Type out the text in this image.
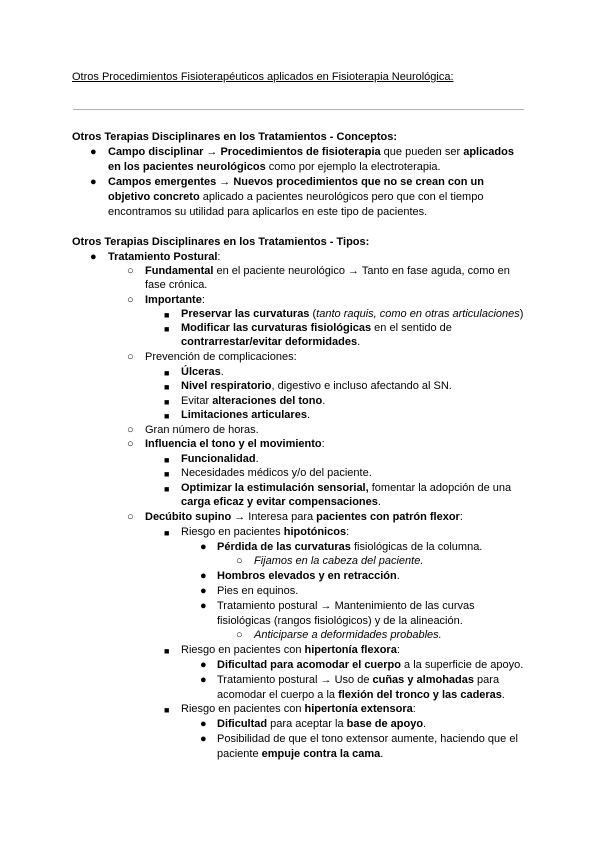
Otros Procedimientos Fisioterapéuticos aplicados en Fisioterapia Neurológica:
Otros Terapias Disciplinares en los Tratamientos - Conceptos:
● Campo disciplinar → Procedimientos de fisioterapia que pueden ser aplicados
en los pacientes neurológicos como por ejemplo la electroterapia.
● Campos emergentes → Nuevos procedimientos que no se crean con un
objetivo concreto aplicado a pacientes neurológicos pero que con el tiempo
encontramos su utilidad para aplicarlos en este tipo de pacientes.
Otros Terapias Disciplinares en los Tratamientos - Tipos:
● Tratamiento Postural:
○ Fundamental en el paciente neurológico → Tanto en fase aguda, como en
fase crónica.
○ Importante:
■ Preservar las curvaturas (tanto raquis, como en otras articulaciones)
■ Modificar las curvaturas fisiológicas en el sentido de
contrarrestar/evitar deformidades.
○ Prevención de complicaciones:
■ Úlceras.
■ Nivel respiratorio, digestivo e incluso afectando al SN.
■ Evitar alteraciones del tono.
■ Limitaciones articulares.
○ Gran número de horas.
○ Influencia el tono y el movimiento:
■ Funcionalidad.
■ Necesidades médicos y/o del paciente.
■ Optimizar la estimulación sensorial, fomentar la adopción de una
carga eficaz y evitar compensaciones.
○ Decúbito supino → Interesa para pacientes con patrón flexor:
■ Riesgo en pacientes hipotónicos:
● Pérdida de las curvaturas fisiológicas de la columna.
○ Fijamos en la cabeza del paciente.
● Hombros elevados y en retracción.
● Pies en equinos.
● Tratamiento postural → Mantenimiento de las curvas
fisiológicas (rangos fisiológicos) y de la alineación.
○ Anticiparse a deformidades probables.
■ Riesgo en pacientes con hipertonía flexora:
● Dificultad para acomodar el cuerpo a la superficie de apoyo.
● Tratamiento postural → Uso de cuñas y almohadas para
acomodar el cuerpo a la flexión del tronco y las caderas.
■ Riesgo en pacientes con hipertonía extensora:
● Dificultad para aceptar la base de apoyo.
● Posibilidad de que el tono extensor aumente, haciendo que el
paciente empuje contra la cama.
